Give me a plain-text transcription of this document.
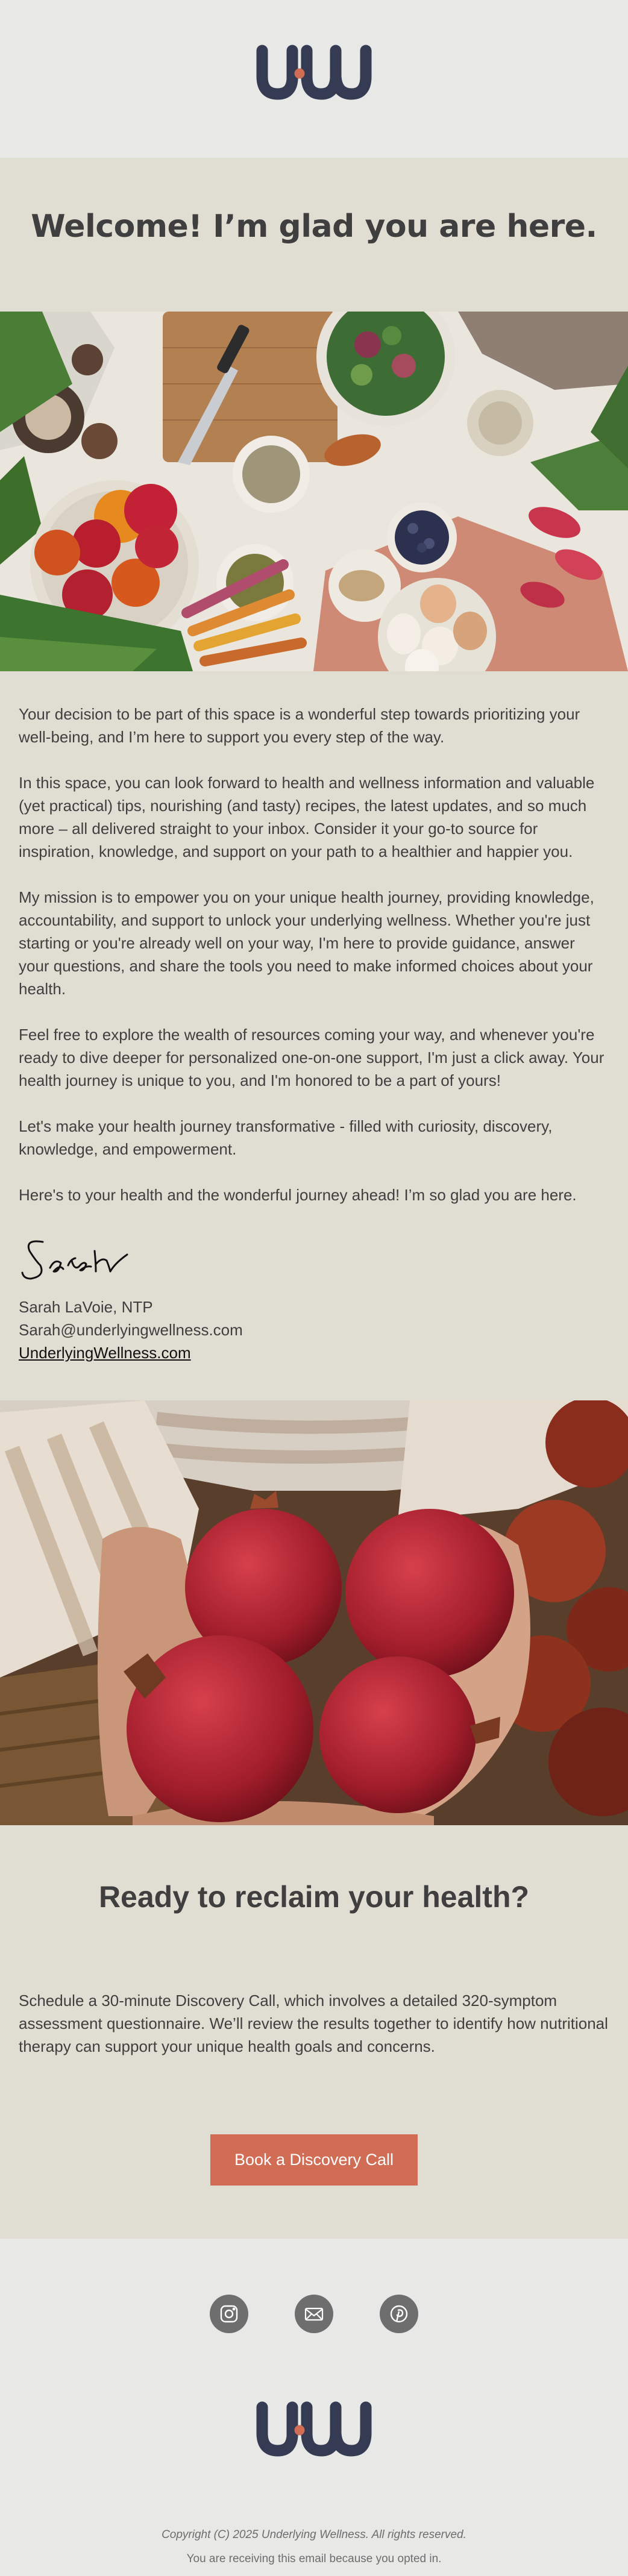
Welcome! I’m glad you are here.

Your decision to be part of this space is a wonderful step towards prioritizing your well-being, and I’m here to support you every step of the way.

In this space, you can look forward to health and wellness information and valuable (yet practical) tips, nourishing (and tasty) recipes, the latest updates, and so much more – all delivered straight to your inbox. Consider it your go-to source for inspiration, knowledge, and support on your path to a healthier and happier you.

My mission is to empower you on your unique health journey, providing knowledge, accountability, and support to unlock your underlying wellness. Whether you're just starting or you're already well on your way, I'm here to provide guidance, answer your questions, and share the tools you need to make informed choices about your health.

Feel free to explore the wealth of resources coming your way, and whenever you're ready to dive deeper for personalized one-on-one support, I'm just a click away. Your health journey is unique to you, and I'm honored to be a part of yours!

Let's make your health journey transformative - filled with curiosity, discovery, knowledge, and empowerment.

Here's to your health and the wonderful journey ahead! I’m so glad you are here.

Sarah LaVoie, NTP
Sarah@underlyingwellness.com
UnderlyingWellness.com
Ready to reclaim your health?

Schedule a 30-minute Discovery Call, which involves a detailed 320-symptom assessment questionnaire. We’ll review the results together to identify how nutritional therapy can support your unique health goals and concerns.

Book a Discovery Call

Copyright (C) 2025 Underlying Wellness. All rights reserved.

You are receiving this email because you opted in.
